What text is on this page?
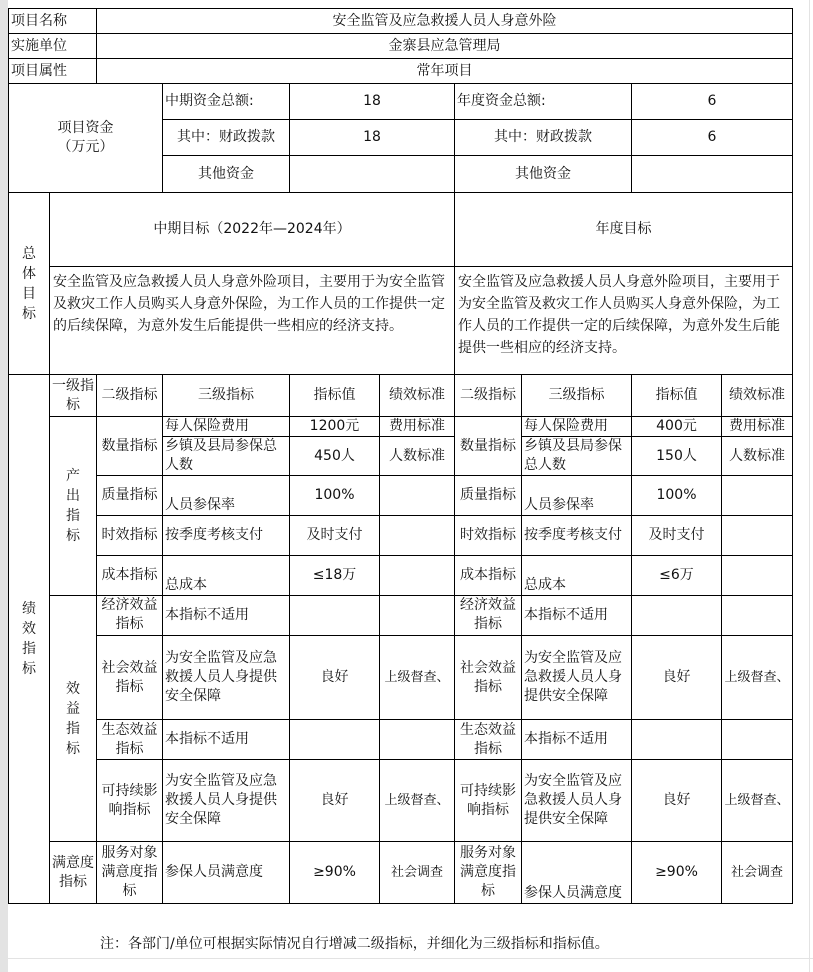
项目名称		安全监管及应急救援人员人身意外险							
实施单位		金寨县应急管理局							
项目属性		常年项目							
项目资金
（万元）			中期资金总额:	18		年度资金总额:		6	
			其中：财政拨款	18		其中：财政拨款		6	
			其他资金			其他资金			

总体目标	中期目标（2022年—2024年）					年度目标			
	安全监管及应急救援人员人身意外险项目，主要用于为安全监管及救灾工作人员购买人身意外保险，为工作人员的工作提供一定的后续保障，为意外发生后能提供一些相应的经济支持。					安全监管及应急救援人员人身意外险项目，主要用于为安全监管及救灾工作人员购买人身意外保险，为工作人员的工作提供一定的后续保障，为意外发生后能提供一些相应的经济支持。			

绩效指标	一级指标	二级指标	三级指标	指标值	绩效标准	二级指标	三级指标	指标值	绩效标准

	产出指标	数量指标	每人保险费用	1200元	费用标准	数量指标	每人保险费用	400元	费用标准
			乡镇及县局参保总人数	450人	人数标准		乡镇及县局参保总人数	150人	人数标准
		质量指标	人员参保率	100%		质量指标	人员参保率	100%	
		时效指标	按季度考核支付	及时支付		时效指标	按季度考核支付	及时支付	
		成本指标	总成本	≤18万		成本指标	总成本	≤6万	

	效益指标	经济效益指标	本指标不适用			经济效益指标	本指标不适用		
		社会效益指标	为安全监管及应急救援人员人身提供安全保障	良好	上级督查、	社会效益指标	为安全监管及应急救援人员人身提供安全保障	良好	上级督查、
		生态效益指标	本指标不适用			生态效益指标	本指标不适用		
		可持续影响指标	为安全监管及应急救援人员人身提供安全保障	良好	上级督查、	可持续影响指标	为安全监管及应急救援人员人身提供安全保障	良好	上级督查、
	满意度指标	服务对象满意度指标	参保人员满意度	≥90%	社会调查	服务对象满意度指标	参保人员满意度	≥90%	社会调查
注：各部门/单位可根据实际情况自行增减二级指标，并细化为三级指标和指标值。
